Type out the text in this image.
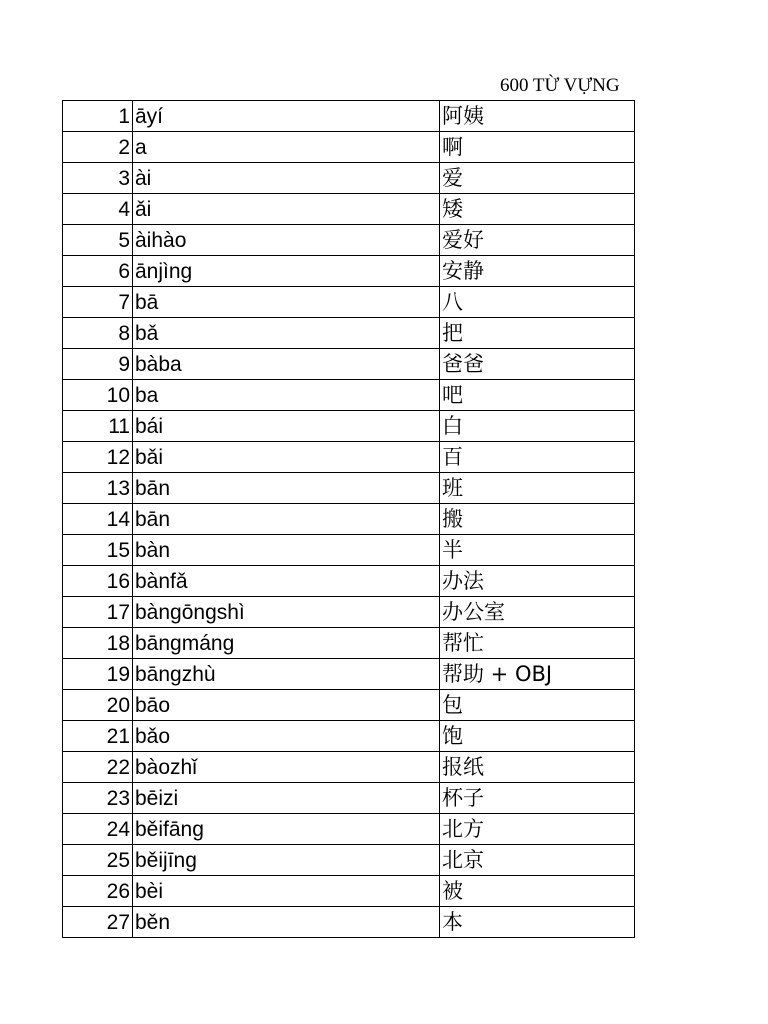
600 TỪ VỰNG
1	āyí	阿姨
2	a	啊
3	ài	爱
4	ǎi	矮
5	àihào	爱好
6	ānjìng	安静
7	bā	八
8	bǎ	把
9	bàba	爸爸
10	ba	吧
11	bái	白
12	bǎi	百
13	bān	班
14	bān	搬
15	bàn	半
16	bànfǎ	办法
17	bàngōngshì	办公室
18	bāngmáng	帮忙
19	bāngzhù	帮助 + OBJ
20	bāo	包
21	bǎo	饱
22	bàozhǐ	报纸
23	bēizi	杯子
24	běifāng	北方
25	běijīng	北京
26	bèi	被
27	běn	本
